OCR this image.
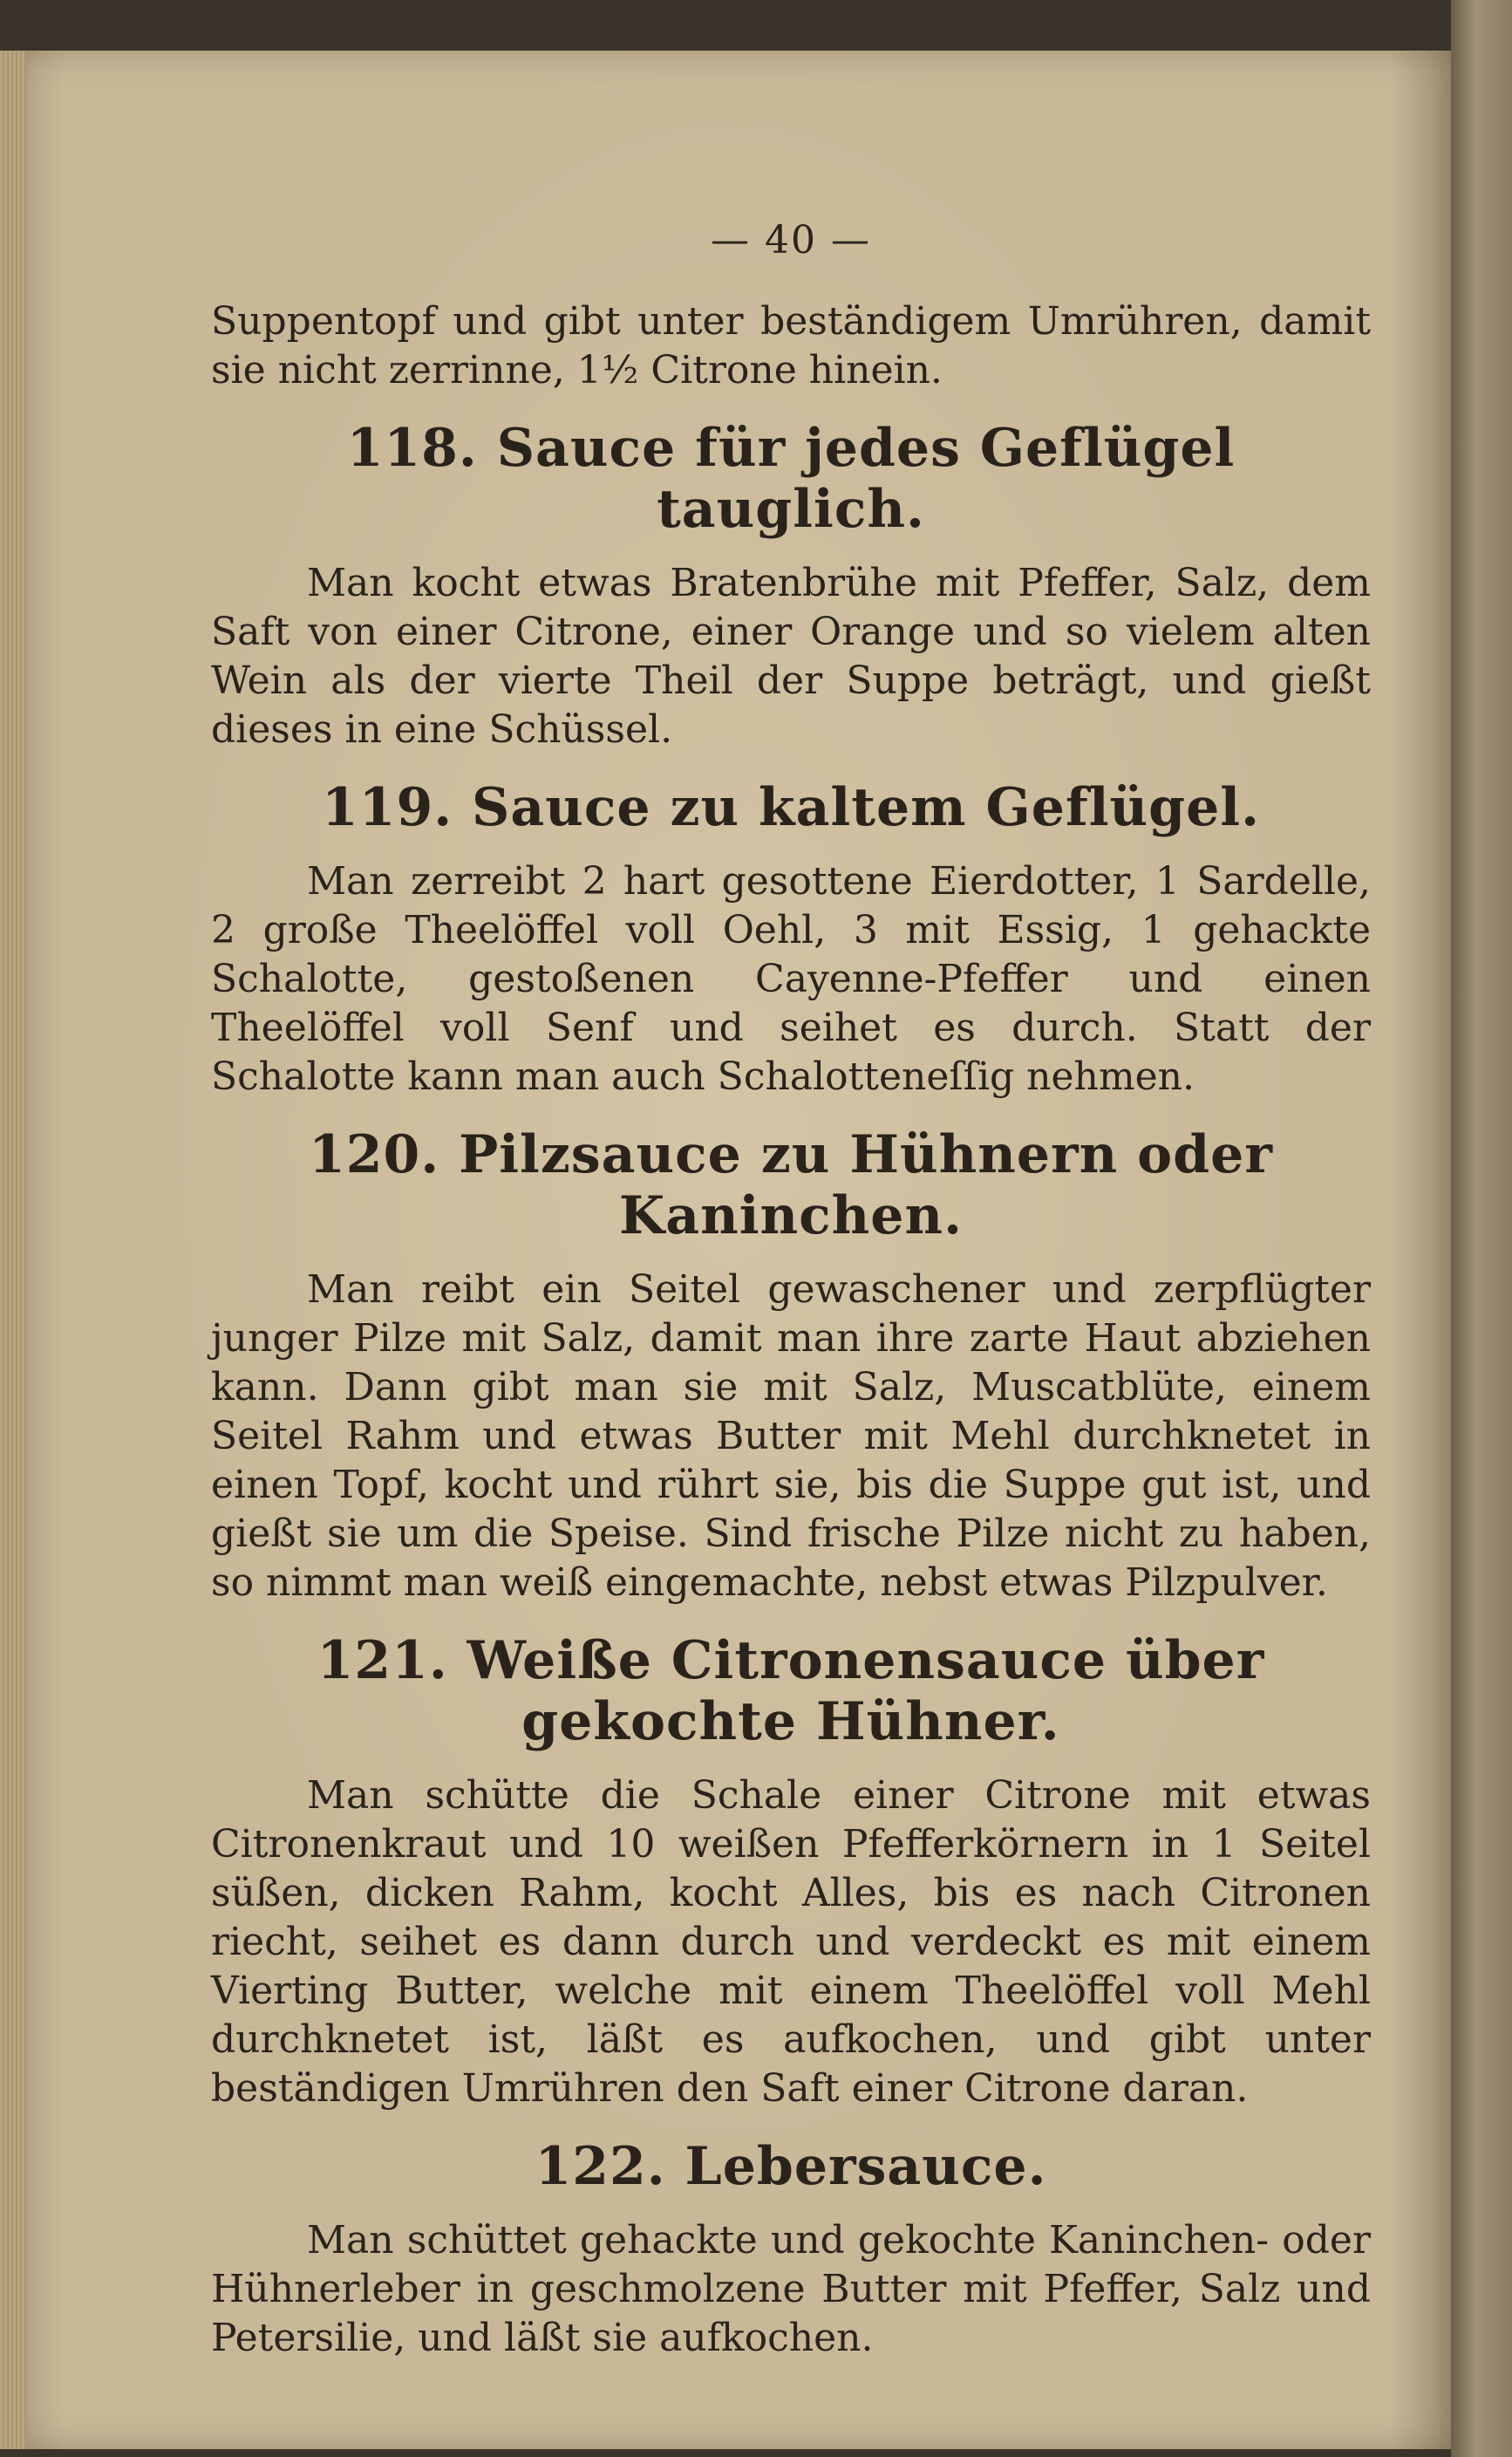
— 40 —

Suppentopf und gibt unter beständigem Umrühren, damit sie nicht zerrinne, 1½ Citrone hinein.

118. Sauce für jedes Geflügel tauglich.

Man kocht etwas Bratenbrühe mit Pfeffer, Salz, dem Saft von einer Citrone, einer Orange und so vielem alten Wein als der vierte Theil der Suppe beträgt, und gießt dieses in eine Schüssel.

119. Sauce zu kaltem Geflügel.

Man zerreibt 2 hart gesottene Eierdotter, 1 Sardelle, 2 große Theelöffel voll Oehl, 3 mit Essig, 1 gehackte Schalotte, gestoßenen Cayenne-Pfeffer und einen Theelöffel voll Senf und seihet es durch. Statt der Schalotte kann man auch Schalotteneſſig nehmen.

120. Pilzsauce zu Hühnern oder Kaninchen.

Man reibt ein Seitel gewaschener und zerpflügter junger Pilze mit Salz, damit man ihre zarte Haut abziehen kann. Dann gibt man sie mit Salz, Muscatblüte, einem Seitel Rahm und etwas Butter mit Mehl durchknetet in einen Topf, kocht und rührt sie, bis die Suppe gut ist, und gießt sie um die Speise. Sind frische Pilze nicht zu haben, so nimmt man weiß eingemachte, nebst etwas Pilzpulver.

121. Weiße Citronensauce über gekochte Hühner.

Man schütte die Schale einer Citrone mit etwas Citronenkraut und 10 weißen Pfefferkörnern in 1 Seitel süßen, dicken Rahm, kocht Alles, bis es nach Citronen riecht, seihet es dann durch und verdeckt es mit einem Vierting Butter, welche mit einem Theelöffel voll Mehl durchknetet ist, läßt es aufkochen, und gibt unter beständigen Umrühren den Saft einer Citrone daran.

122. Lebersauce.

Man schüttet gehackte und gekochte Kaninchen- oder Hühnerleber in geschmolzene Butter mit Pfeffer, Salz und Petersilie, und läßt sie aufkochen.
